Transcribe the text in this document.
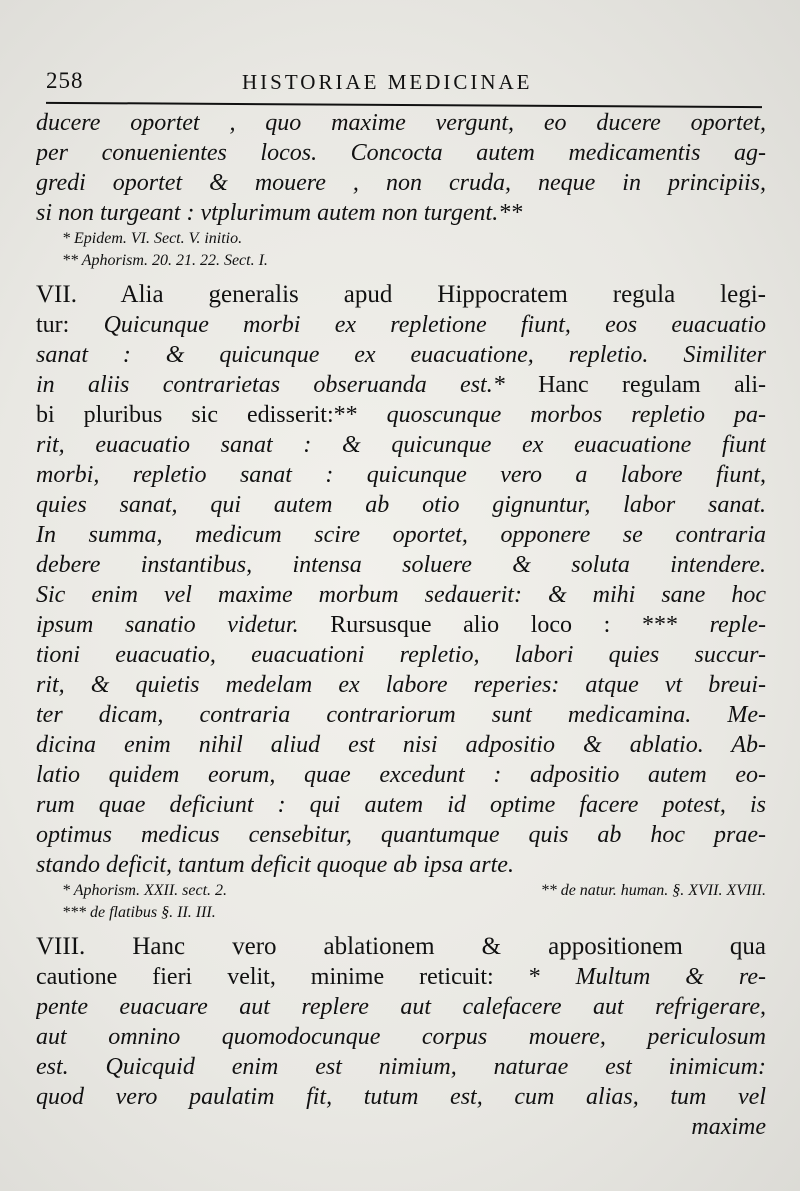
258	HISTORIAE MEDICINAE
ducere oportet , quo maxime vergunt, eo ducere oportet,
per conuenientes locos. Concocta autem medicamentis ag-
gredi oportet & mouere , non cruda, neque in principiis,
si non turgeant : vtplurimum autem non turgent.**
* Epidem. VI. Sect. V. initio.
** Aphorism. 20. 21. 22. Sect. I.
VII. Alia generalis apud Hippocratem regula legi-
tur: Quicunque morbi ex repletione fiunt, eos euacuatio
sanat : & quicunque ex euacuatione, repletio. Similiter
in aliis contrarietas obseruanda est.* Hanc regulam ali-
bi pluribus sic edisserit:** quoscunque morbos repletio pa-
rit, euacuatio sanat : & quicunque ex euacuatione fiunt
morbi, repletio sanat : quicunque vero a labore fiunt,
quies sanat, qui autem ab otio gignuntur, labor sanat.
In summa, medicum scire oportet, opponere se contraria
debere instantibus, intensa soluere & soluta intendere.
Sic enim vel maxime morbum sedauerit: & mihi sane hoc
ipsum sanatio videtur. Rursusque alio loco : *** reple-
tioni euacuatio, euacuationi repletio, labori quies succur-
rit, & quietis medelam ex labore reperies: atque vt breui-
ter dicam, contraria contrariorum sunt medicamina. Me-
dicina enim nihil aliud est nisi adpositio & ablatio. Ab-
latio quidem eorum, quae excedunt : adpositio autem eo-
rum quae deficiunt : qui autem id optime facere potest, is
optimus medicus censebitur, quantumque quis ab hoc prae-
stando deficit, tantum deficit quoque ab ipsa arte.
* Aphorism. XXII. sect. 2.	** de natur. human. §. XVII. XVIII.
*** de flatibus §. II. III.
VIII. Hanc vero ablationem & appositionem qua
cautione fieri velit, minime reticuit: * Multum & re-
pente euacuare aut replere aut calefacere aut refrigerare,
aut omnino quomodocunque corpus mouere, periculosum
est. Quicquid enim est nimium, naturae est inimicum:
quod vero paulatim fit, tutum est, cum alias, tum vel
maxime
